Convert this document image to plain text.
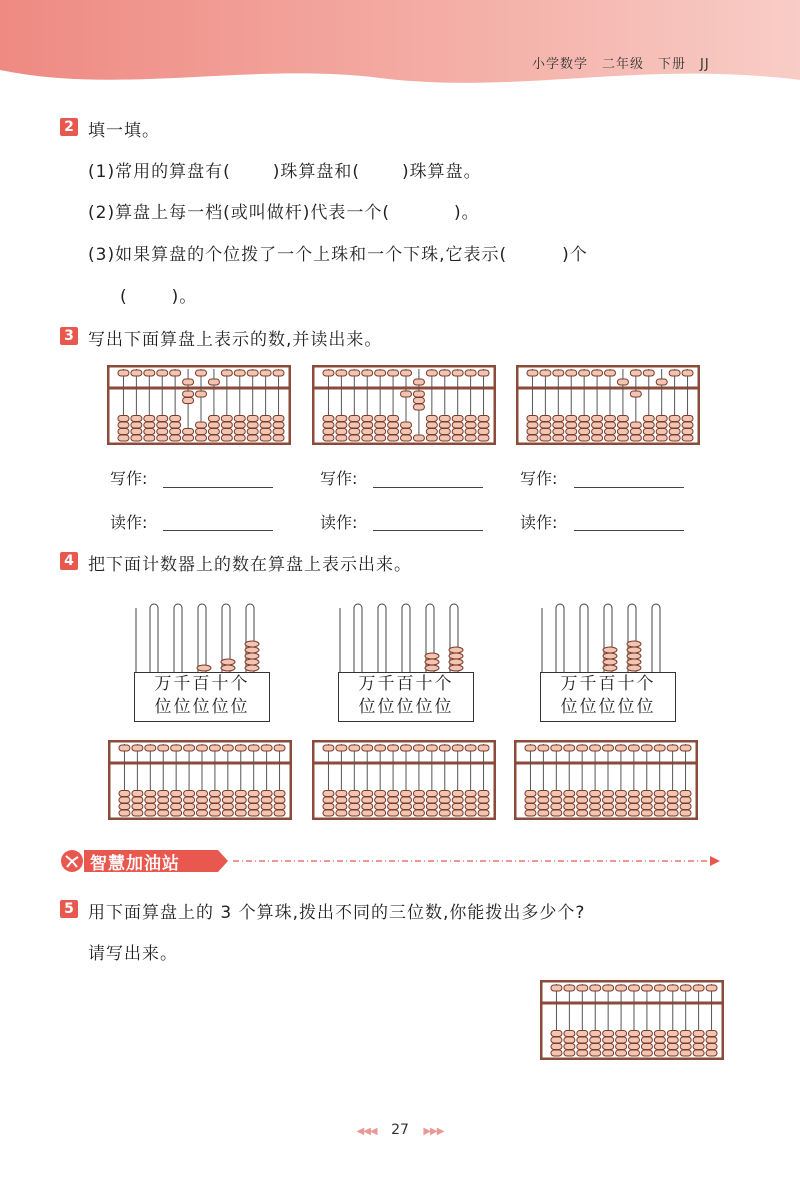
小学数学　二年级　下册　JJ
2 填一填。
(1)常用的算盘有( )珠算盘和( )珠算盘。
(2)算盘上每一档(或叫做杆)代表一个(	)。
(3)如果算盘的个位拨了一个上珠和一个下珠,它表示(	)个
(	)。
3 写出下面算盘上表示的数,并读出来。
写作:	写作:	写作:
读作:	读作:	读作:
4 把下面计数器上的数在算盘上表示出来。
万千百十个
位位位位位
万千百十个
位位位位位
万千百十个
位位位位位
智慧加油站
5 用下面算盘上的 3 个算珠,拨出不同的三位数,你能拨出多少个?
请写出来。
◀◀◀ 27 ▶▶▶
